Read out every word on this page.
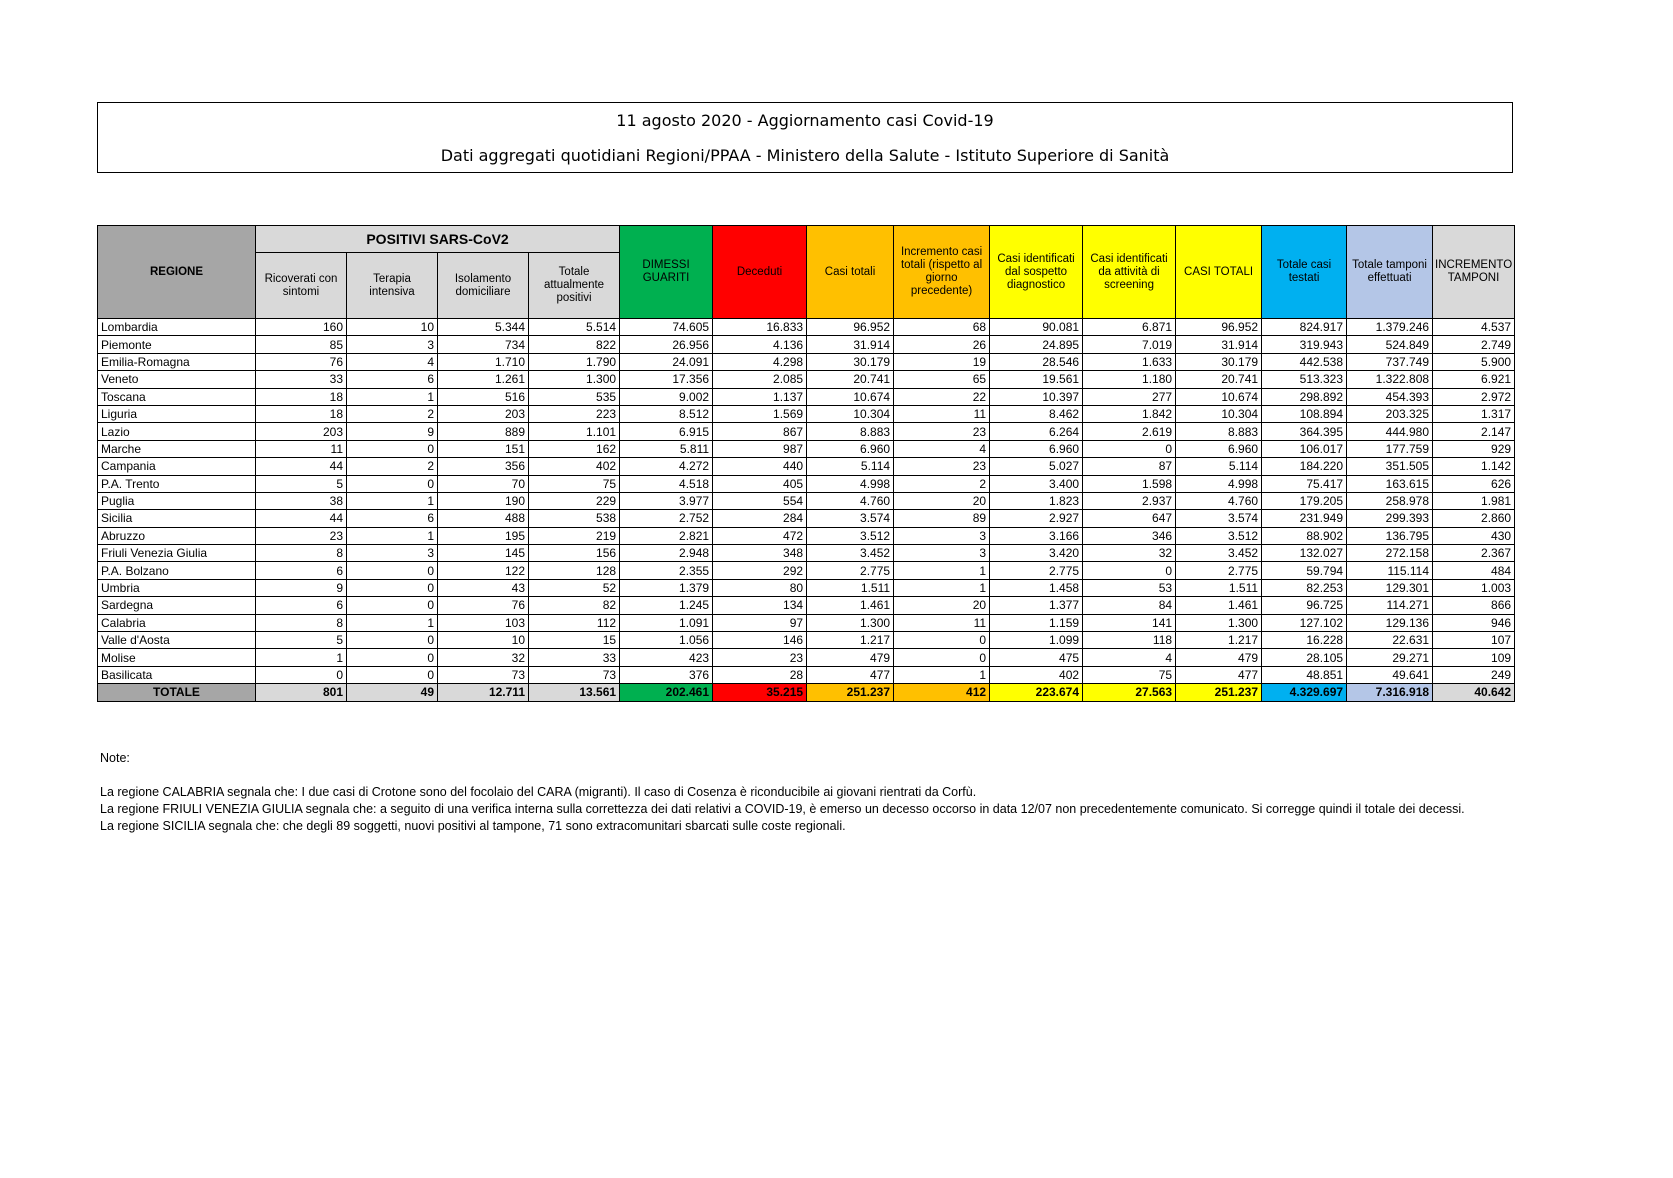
11 agosto 2020 - Aggiornamento casi Covid-19
Dati aggregati quotidiani Regioni/PPAA - Ministero della Salute - Istituto Superiore di Sanità
REGIONE	POSITIVI SARS-CoV2				DIMESSI GUARITI	Deceduti	Casi totali	Incremento casi totali (rispetto al giorno precedente)	Casi identificati dal sospetto diagnostico	Casi identificati da attività di screening	CASI TOTALI	Totale casi testati	Totale tamponi effettuati	INCREMENTO TAMPONI
	Ricoverati con sintomi	Terapia intensiva	Isolamento domiciliare	Totale attualmente positivi										
Lombardia	160	10	5.344	5.514	74.605	16.833	96.952	68	90.081	6.871	96.952	824.917	1.379.246	4.537
Piemonte	85	3	734	822	26.956	4.136	31.914	26	24.895	7.019	31.914	319.943	524.849	2.749
Emilia-Romagna	76	4	1.710	1.790	24.091	4.298	30.179	19	28.546	1.633	30.179	442.538	737.749	5.900
Veneto	33	6	1.261	1.300	17.356	2.085	20.741	65	19.561	1.180	20.741	513.323	1.322.808	6.921
Toscana	18	1	516	535	9.002	1.137	10.674	22	10.397	277	10.674	298.892	454.393	2.972
Liguria	18	2	203	223	8.512	1.569	10.304	11	8.462	1.842	10.304	108.894	203.325	1.317
Lazio	203	9	889	1.101	6.915	867	8.883	23	6.264	2.619	8.883	364.395	444.980	2.147
Marche	11	0	151	162	5.811	987	6.960	4	6.960	0	6.960	106.017	177.759	929
Campania	44	2	356	402	4.272	440	5.114	23	5.027	87	5.114	184.220	351.505	1.142
P.A. Trento	5	0	70	75	4.518	405	4.998	2	3.400	1.598	4.998	75.417	163.615	626
Puglia	38	1	190	229	3.977	554	4.760	20	1.823	2.937	4.760	179.205	258.978	1.981
Sicilia	44	6	488	538	2.752	284	3.574	89	2.927	647	3.574	231.949	299.393	2.860
Abruzzo	23	1	195	219	2.821	472	3.512	3	3.166	346	3.512	88.902	136.795	430
Friuli Venezia Giulia	8	3	145	156	2.948	348	3.452	3	3.420	32	3.452	132.027	272.158	2.367
P.A. Bolzano	6	0	122	128	2.355	292	2.775	1	2.775	0	2.775	59.794	115.114	484
Umbria	9	0	43	52	1.379	80	1.511	1	1.458	53	1.511	82.253	129.301	1.003
Sardegna	6	0	76	82	1.245	134	1.461	20	1.377	84	1.461	96.725	114.271	866
Calabria	8	1	103	112	1.091	97	1.300	11	1.159	141	1.300	127.102	129.136	946
Valle d'Aosta	5	0	10	15	1.056	146	1.217	0	1.099	118	1.217	16.228	22.631	107
Molise	1	0	32	33	423	23	479	0	475	4	479	28.105	29.271	109
Basilicata	0	0	73	73	376	28	477	1	402	75	477	48.851	49.641	249
TOTALE	801	49	12.711	13.561	202.461	35.215	251.237	412	223.674	27.563	251.237	4.329.697	7.316.918	40.642
Note:
La regione CALABRIA segnala che: I due casi di Crotone sono del focolaio del CARA (migranti). Il caso di Cosenza è riconducibile ai giovani rientrati da Corfù.
La regione FRIULI VENEZIA GIULIA segnala che: a seguito di una verifica interna sulla correttezza dei dati relativi a COVID-19, è emerso un decesso occorso in data 12/07 non precedentemente comunicato. Si corregge quindi il totale dei decessi.
La regione SICILIA segnala che: che degli 89 soggetti, nuovi positivi al tampone, 71 sono extracomunitari sbarcati sulle coste regionali.
